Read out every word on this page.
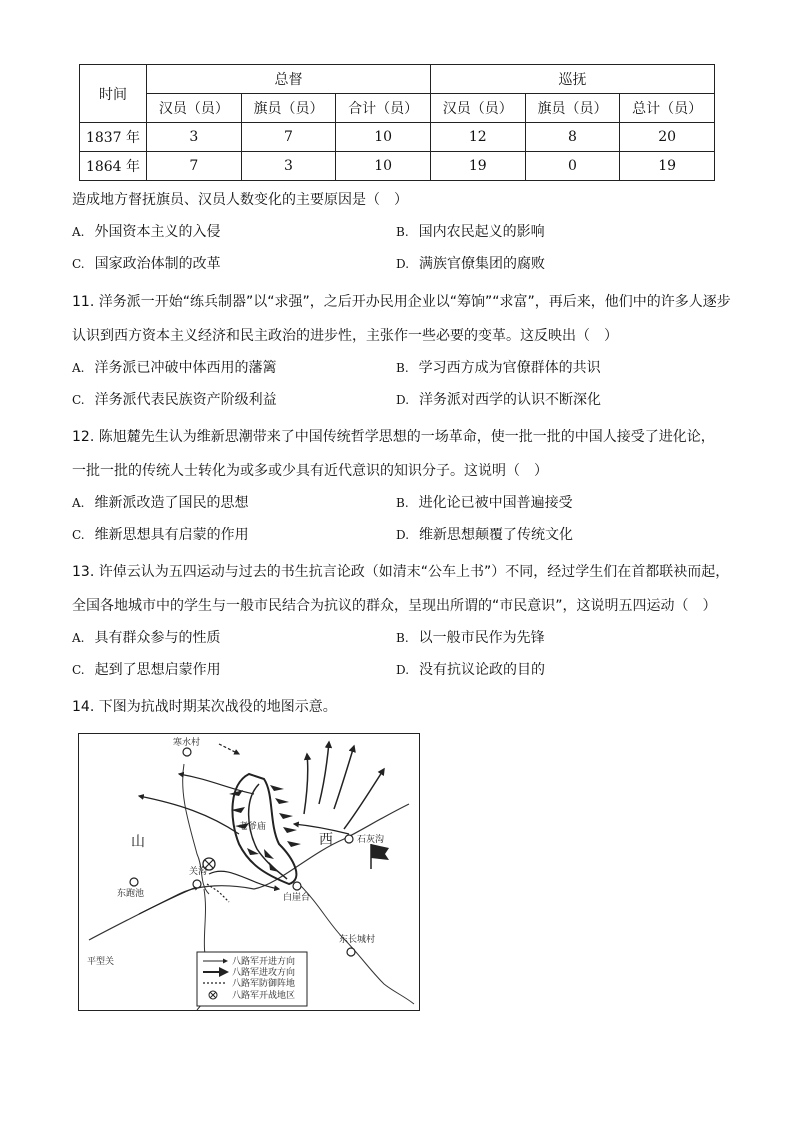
时间	总督			巡抚		
	汉员（员）	旗员（员）	合计（员）	汉员（员）	旗员（员）	总计（员）
1837 年	3	7	10	12	8	20
1864 年	7	3	10	19	0	19
造成地方督抚旗员、汉员人数变化的主要原因是（　）
A. 外国资本主义的入侵	B. 国内农民起义的影响
C. 国家政治体制的改革	D. 满族官僚集团的腐败
11. 洋务派一开始“练兵制器”以“求强”，之后开办民用企业以“筹饷”“求富”，再后来，他们中的许多人逐步
认识到西方资本主义经济和民主政治的进步性，主张作一些必要的变革。这反映出（　）
A. 洋务派已冲破中体西用的藩篱	B. 学习西方成为官僚群体的共识
C. 洋务派代表民族资产阶级利益	D. 洋务派对西学的认识不断深化
12. 陈旭麓先生认为维新思潮带来了中国传统哲学思想的一场革命，使一批一批的中国人接受了进化论，
一批一批的传统人士转化为或多或少具有近代意识的知识分子。这说明（　）
A. 维新派改造了国民的思想	B. 进化论已被中国普遍接受
C. 维新思想具有启蒙的作用	D. 维新思想颠覆了传统文化
13. 许倬云认为五四运动与过去的书生抗言论政（如清末“公车上书”）不同，经过学生们在首都联袂而起，
全国各地城市中的学生与一般市民结合为抗议的群众，呈现出所谓的“市民意识”，这说明五四运动（　）
A. 具有群众参与的性质	B. 以一般市民作为先锋
C. 起到了思想启蒙作用	D. 没有抗议论政的目的
14. 下图为抗战时期某次战役的地图示意。
寒水村
老爷庙
石灰沟
关沟
东跑池	白崖台
东长城村
平型关
山	西
八路军开进方向
八路军进攻方向
八路军防御阵地
八路军开战地区
